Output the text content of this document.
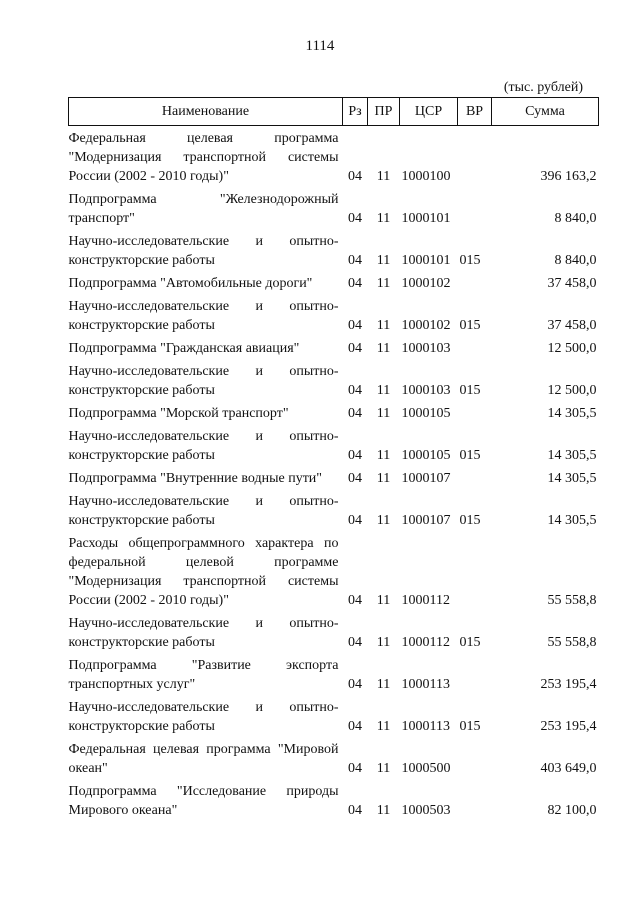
1114
(тыс. рублей)
Наименование	Рз	ПР	ЦСР	ВР	Сумма
Федеральная целевая программа "Модернизация транспортной системы России (2002 - 2010 годы)"	04	11	1000100		396 163,2
Подпрограмма "Железнодорожный транспорт"	04	11	1000101		8 840,0
Научно-исследовательские и опытно-конструкторские работы	04	11	1000101	015	8 840,0
Подпрограмма "Автомобильные дороги"	04	11	1000102		37 458,0
Научно-исследовательские и опытно-конструкторские работы	04	11	1000102	015	37 458,0
Подпрограмма "Гражданская авиация"	04	11	1000103		12 500,0
Научно-исследовательские и опытно-конструкторские работы	04	11	1000103	015	12 500,0
Подпрограмма "Морской транспорт"	04	11	1000105		14 305,5
Научно-исследовательские и опытно-конструкторские работы	04	11	1000105	015	14 305,5
Подпрограмма "Внутренние водные пути"	04	11	1000107		14 305,5
Научно-исследовательские и опытно-конструкторские работы	04	11	1000107	015	14 305,5
Расходы общепрограммного характера по федеральной целевой программе "Модернизация транспортной системы России (2002 - 2010 годы)"	04	11	1000112		55 558,8
Научно-исследовательские и опытно-конструкторские работы	04	11	1000112	015	55 558,8
Подпрограмма "Развитие экспорта транспортных услуг"	04	11	1000113		253 195,4
Научно-исследовательские и опытно-конструкторские работы	04	11	1000113	015	253 195,4
Федеральная целевая программа "Мировой океан"	04	11	1000500		403 649,0
Подпрограмма "Исследование природы Мирового океана"	04	11	1000503		82 100,0
